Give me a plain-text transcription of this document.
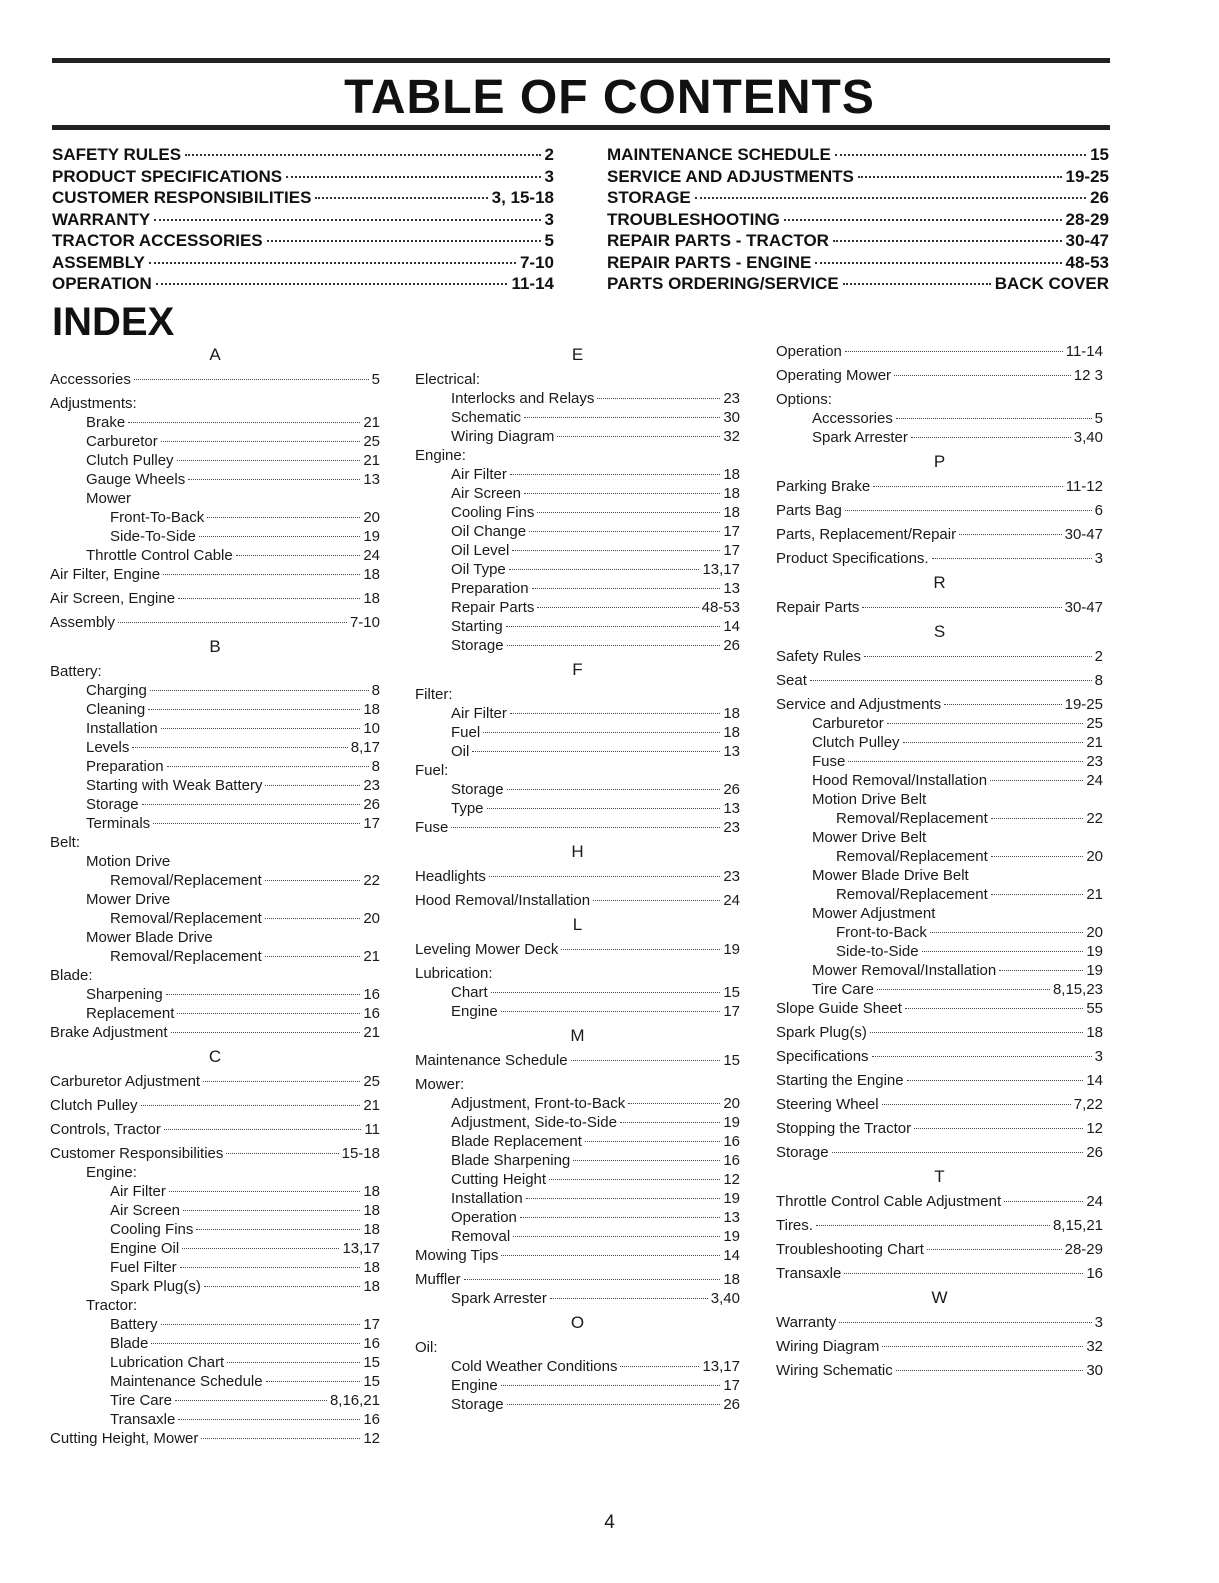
TABLE OF CONTENTS
SAFETY RULES	2
PRODUCT SPECIFICATIONS	3
CUSTOMER RESPONSIBILITIES	3, 15-18
WARRANTY	3
TRACTOR ACCESSORIES	5
ASSEMBLY	7-10
OPERATION	11-14
MAINTENANCE SCHEDULE	15
SERVICE AND ADJUSTMENTS	19-25
STORAGE	26
TROUBLESHOOTING	28-29
REPAIR PARTS - TRACTOR	30-47
REPAIR PARTS - ENGINE	48-53
PARTS ORDERING/SERVICE	BACK COVER
INDEX
A
Accessories	5
Adjustments:
Brake	21
Carburetor	25
Clutch Pulley	21
Gauge Wheels	13
Mower
Front-To-Back	20
Side-To-Side	19
Throttle Control Cable	24
Air Filter, Engine	18
Air Screen, Engine	18
Assembly	7-10
B
Battery:
Charging	8
Cleaning	18
Installation	10
Levels	8,17
Preparation	8
Starting with Weak Battery	23
Storage	26
Terminals	17
Belt:
Motion Drive
Removal/Replacement	22
Mower Drive
Removal/Replacement	20
Mower Blade Drive
Removal/Replacement	21
Blade:
Sharpening	16
Replacement	16
Brake Adjustment	21
C
Carburetor Adjustment	25
Clutch Pulley	21
Controls, Tractor	11
Customer Responsibilities	15-18
Engine:
Air Filter	18
Air Screen	18
Cooling Fins	18
Engine Oil	13,17
Fuel Filter	18
Spark Plug(s)	18
Tractor:
Battery	17
Blade	16
Lubrication Chart	15
Maintenance Schedule	15
Tire Care	8,16,21
Transaxle	16
Cutting Height, Mower	12
E
Electrical:
Interlocks and Relays	23
Schematic	30
Wiring Diagram	32
Engine:
Air Filter	18
Air Screen	18
Cooling Fins	18
Oil Change	17
Oil Level	17
Oil Type	13,17
Preparation	13
Repair Parts	48-53
Starting	14
Storage	26
F
Filter:
Air Filter	18
Fuel	18
Oil	13
Fuel:
Storage	26
Type	13
Fuse	23
H
Headlights	23
Hood Removal/Installation	24
L
Leveling Mower Deck	19
Lubrication:
Chart	15
Engine	17
M
Maintenance Schedule	15
Mower:
Adjustment, Front-to-Back	20
Adjustment, Side-to-Side	19
Blade Replacement	16
Blade Sharpening	16
Cutting Height	12
Installation	19
Operation	13
Removal	19
Mowing Tips	14
Muffler	18
Spark Arrester	3,40
O
Oil:
Cold Weather Conditions	13,17
Engine	17
Storage	26
Operation	11-14
Operating Mower	12 3
Options:
Accessories	5
Spark Arrester	3,40
P
Parking Brake	11-12
Parts Bag	6
Parts, Replacement/Repair	30-47
Product Specifications.	3
R
Repair Parts	30-47
S
Safety Rules	2
Seat	8
Service and Adjustments	19-25
Carburetor	25
Clutch Pulley	21
Fuse	23
Hood Removal/Installation	24
Motion Drive Belt
Removal/Replacement	22
Mower Drive Belt
Removal/Replacement	20
Mower Blade Drive Belt
Removal/Replacement	21
Mower Adjustment
Front-to-Back	20
Side-to-Side	19
Mower Removal/Installation	19
Tire Care	8,15,23
Slope Guide Sheet	55
Spark Plug(s)	18
Specifications	3
Starting the Engine	14
Steering Wheel	7,22
Stopping the Tractor	12
Storage	26
T
Throttle Control Cable Adjustment	24
Tires.	8,15,21
Troubleshooting Chart	28-29
Transaxle	16
W
Warranty	3
Wiring Diagram	32
Wiring Schematic	30
4
